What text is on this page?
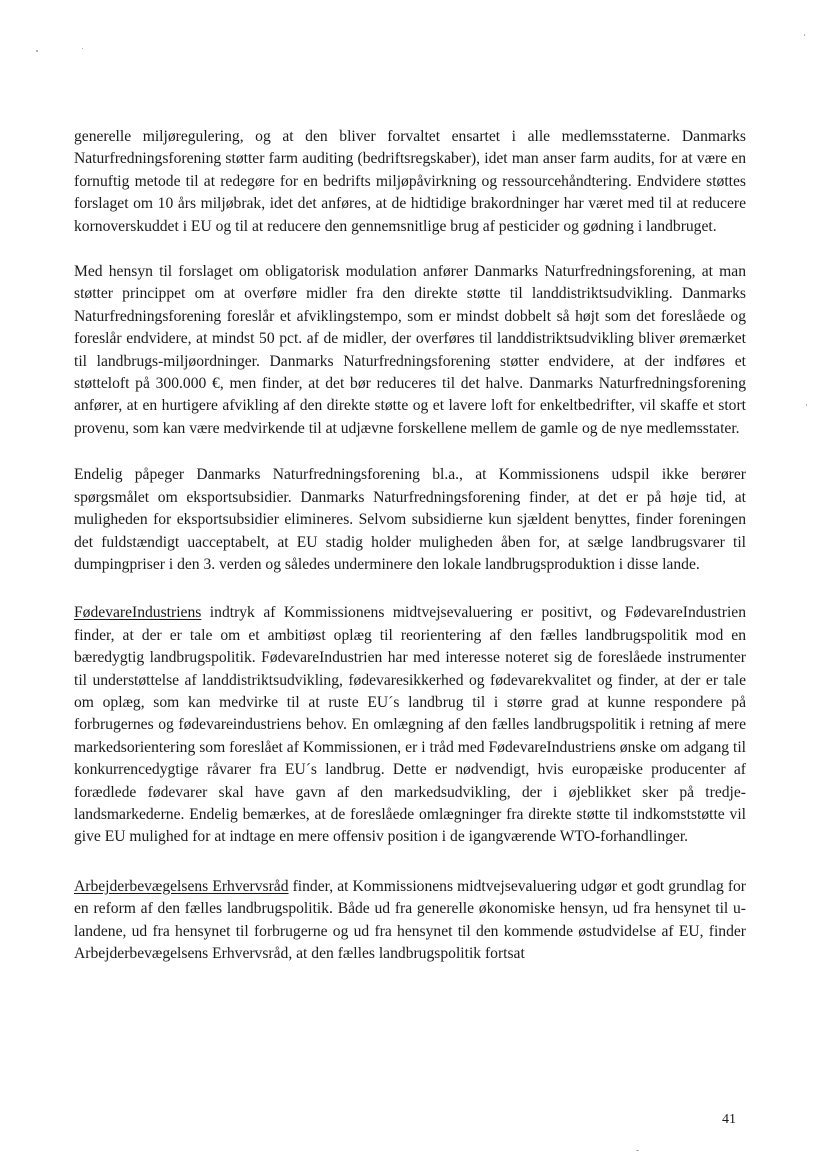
generelle miljøregulering, og at den bliver forvaltet ensartet i alle medlemsstaterne. Danmarks Naturfredningsforening støtter farm auditing (bedriftsregskaber), idet man anser farm audits, for at være en fornuftig metode til at redegøre for en bedrifts miljøpåvirkning og ressourcehåndtering. Endvidere støttes forslaget om 10 års miljøbrak, idet det anføres, at de hidtidige brakordninger har været med til at reducere kornoverskuddet i EU og til at reducere den gennemsnitlige brug af pesticider og gødning i landbruget.

Med hensyn til forslaget om obligatorisk modulation anfører Danmarks Naturfredningsforening, at man støtter princippet om at overføre midler fra den direkte støtte til landdistriktsudvikling. Danmarks Naturfredningsforening foreslår et afviklingstempo, som er mindst dobbelt så højt som det foreslåede og foreslår endvidere, at mindst 50 pct. af de midler, der overføres til landdistriktsudvikling bliver øremærket til landbrugs-miljøordninger. Danmarks Naturfredningsforening støtter endvidere, at der indføres et støtteloft på 300.000 €, men finder, at det bør reduceres til det halve. Danmarks Naturfredningsforening anfører, at en hurtigere afvikling af den direkte støtte og et lavere loft for enkeltbedrifter, vil skaffe et stort provenu, som kan være medvirkende til at udjævne forskellene mellem de gamle og de nye medlemsstater.

Endelig påpeger Danmarks Naturfredningsforening bl.a., at Kommissionens udspil ikke berører spørgsmålet om eksportsubsidier. Danmarks Naturfredningsforening finder, at det er på høje tid, at muligheden for eksportsubsidier elimineres. Selvom subsidierne kun sjældent benyttes, finder foreningen det fuldstændigt uacceptabelt, at EU stadig holder muligheden åben for, at sælge landbrugsvarer til dumpingpriser i den 3. verden og således underminere den lokale landbrugsproduktion i disse lande.

FødevareIndustriens indtryk af Kommissionens midtvejsevaluering er positivt, og FødevareIndustrien finder, at der er tale om et ambitiøst oplæg til reorientering af den fælles landbrugspolitik mod en bæredygtig landbrugspolitik. FødevareIndustrien har med interesse noteret sig de foreslåede instrumenter til understøttelse af landdistriktsudvikling, fødevaresikkerhed og fødevarekvalitet og finder, at der er tale om oplæg, som kan medvirke til at ruste EU´s landbrug til i større grad at kunne respondere på forbrugernes og fødevareindustriens behov. En omlægning af den fælles landbrugspolitik i retning af mere markedsorientering som foreslået af Kommissionen, er i tråd med FødevareIndustriens ønske om adgang til konkurrencedygtige råvarer fra EU´s landbrug. Dette er nødvendigt, hvis europæiske producenter af forædlede fødevarer skal have gavn af den markedsudvikling, der i øjeblikket sker på tredje-landsmarkederne. Endelig bemærkes, at de foreslåede omlægninger fra direkte støtte til indkomststøtte vil give EU mulighed for at indtage en mere offensiv position i de igangværende WTO-forhandlinger.

Arbejderbevægelsens Erhvervsråd finder, at Kommissionens midtvejsevaluering udgør et godt grundlag for en reform af den fælles landbrugspolitik. Både ud fra generelle økonomiske hensyn, ud fra hensynet til u-landene, ud fra hensynet til forbrugerne og ud fra hensynet til den kommende østudvidelse af EU, finder Arbejderbevægelsens Erhvervsråd, at den fælles landbrugspolitik fortsat

41
